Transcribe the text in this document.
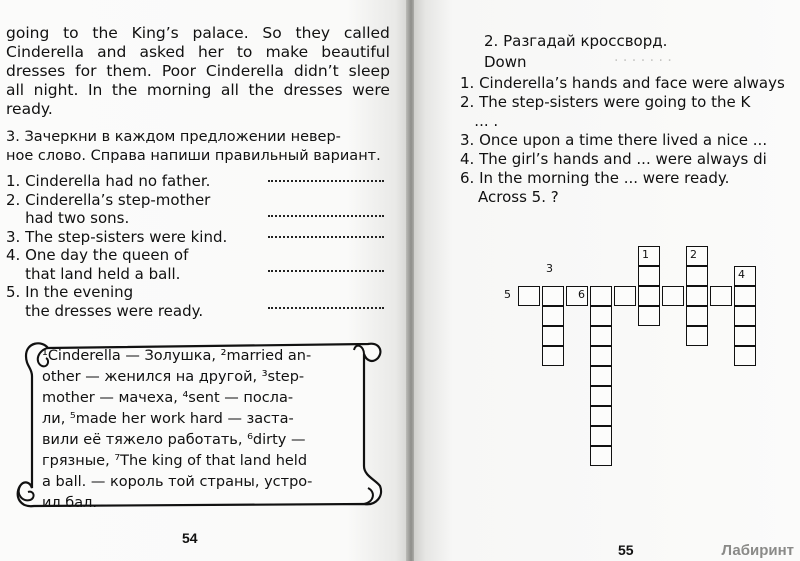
going to the King’s palace. So they called
Cinderella and asked her to make beautiful
dresses for them. Poor Cinderella didn’t sleep
all night. In the morning all the dresses were
ready.
3. Зачеркни в каждом предложении невер-
ное слово. Справа напиши правильный вариант.
1. Cinderella had no father.
2. Cinderella’s step-mother
had two sons.
3. The step-sisters were kind.
4. One day the queen of
that land held a ball.
5. In the evening
the dresses were ready.
¹Cinderella — Золушка, ²married an-
other — женился на другой, ³step-
mother — мачеха, ⁴sent — посла-
ли, ⁵made her work hard — заста-
вили её тяжело работать, ⁶dirty —
грязные, ⁷The king of that land held
a ball. — король той страны, устро-
ил бал.
54
· · · · · · ·
2. Разгадай кроссворд.
Down
1. Cinderella’s hands and face were always
2. The step-sisters were going to the K
... .
3. Once upon a time there lived a nice ...
4. The girl’s hands and ... were always di
6. In the morning the ... were ready.
Across 5. ?
1	2
3	4
5	6
55	Лабиринт
